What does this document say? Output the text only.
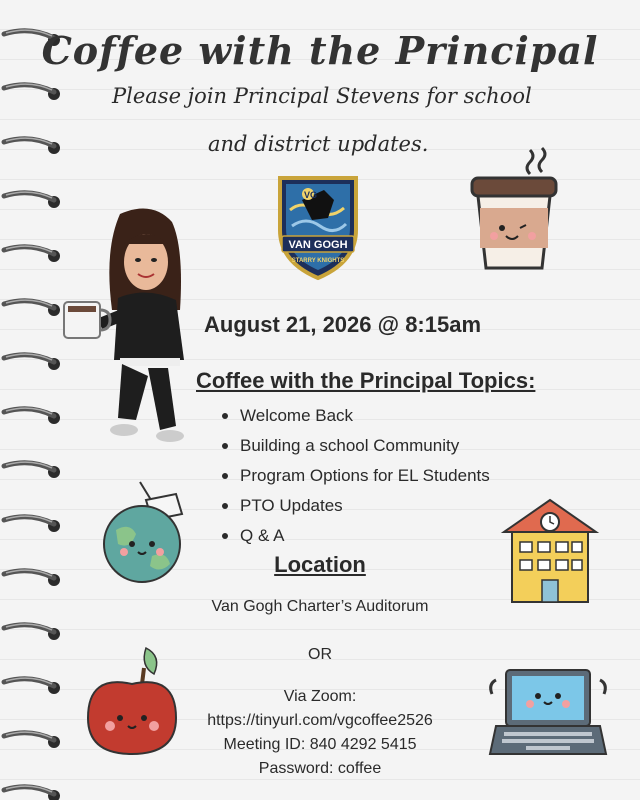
Coffee with the Principal
Please join Principal Stevens for school
and district updates.
VG
VAN GOGH
STARRY KNIGHTS
August 21, 2026 @ 8:15am
Coffee with the Principal Topics:
Welcome Back
Building a school Community
Program Options for EL Students
PTO Updates
Q & A
Location
Van Gogh Charter’s Auditorum
OR
Via Zoom:
https://tinyurl.com/vgcoffee2526
Meeting ID: 840 4292 5415
Password: coffee
